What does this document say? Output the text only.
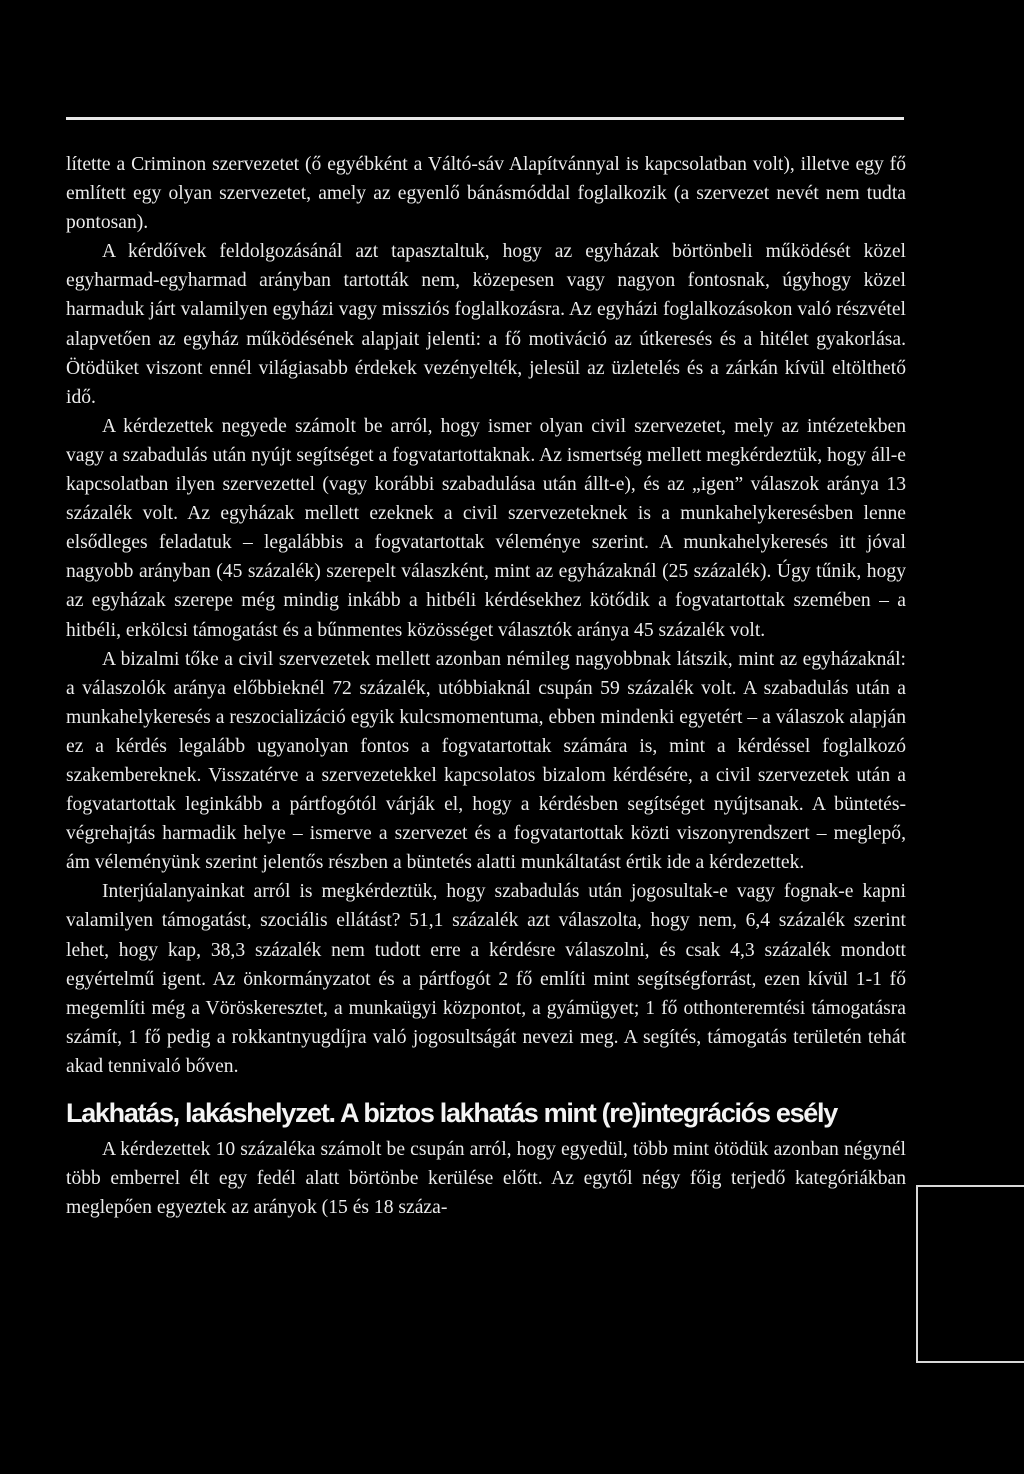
lítette a Criminon szervezetet (ő egyébként a Váltó-sáv Alapítvánnyal is kapcsolatban volt), illetve egy fő említett egy olyan szervezetet, amely az egyenlő bánásmóddal foglalkozik (a szervezet nevét nem tudta pontosan).

A kérdőívek feldolgozásánál azt tapasztaltuk, hogy az egyházak börtönbeli működését közel egyharmad-egyharmad arányban tartották nem, közepesen vagy nagyon fontosnak, úgyhogy közel harmaduk járt valamilyen egyházi vagy missziós foglalkozásra. Az egyházi foglalkozásokon való részvétel alapvetően az egyház működésének alapjait jelenti: a fő motiváció az útkeresés és a hitélet gyakorlása. Ötödüket viszont ennél világiasabb érdekek vezényelték, jelesül az üzletelés és a zárkán kívül eltölthető idő.

A kérdezettek negyede számolt be arról, hogy ismer olyan civil szervezetet, mely az intézetekben vagy a szabadulás után nyújt segítséget a fogvatartottaknak. Az ismertség mellett megkérdeztük, hogy áll-e kapcsolatban ilyen szervezettel (vagy korábbi szabadulása után állt-e), és az „igen” válaszok aránya 13 százalék volt. Az egyházak mellett ezeknek a civil szervezeteknek is a munkahelykeresésben lenne elsődleges feladatuk – legalábbis a fogvatartottak véleménye szerint. A munkahelykeresés itt jóval nagyobb arányban (45 százalék) szerepelt válaszként, mint az egyházaknál (25 százalék). Úgy tűnik, hogy az egyházak szerepe még mindig inkább a hitbéli kérdésekhez kötődik a fogvatartottak szemében – a hitbéli, erkölcsi támogatást és a bűnmentes közösséget választók aránya 45 százalék volt.

A bizalmi tőke a civil szervezetek mellett azonban némileg nagyobbnak látszik, mint az egyházaknál: a válaszolók aránya előbbieknél 72 százalék, utóbbiaknál csupán 59 százalék volt. A szabadulás után a munkahelykeresés a reszocializáció egyik kulcsmomentuma, ebben mindenki egyetért – a válaszok alapján ez a kérdés legalább ugyanolyan fontos a fogvatartottak számára is, mint a kérdéssel foglalkozó szakembereknek. Visszatérve a szervezetekkel kapcsolatos bizalom kérdésére, a civil szervezetek után a fogvatartottak leginkább a pártfogótól várják el, hogy a kérdésben segítséget nyújtsanak. A büntetés-végrehajtás harmadik helye – ismerve a szervezet és a fogvatartottak közti viszonyrendszert – meglepő, ám véleményünk szerint jelentős részben a büntetés alatti munkáltatást értik ide a kérdezettek.

Interjúalanyainkat arról is megkérdeztük, hogy szabadulás után jogosultak-e vagy fognak-e kapni valamilyen támogatást, szociális ellátást? 51,1 százalék azt válaszolta, hogy nem, 6,4 százalék szerint lehet, hogy kap, 38,3 százalék nem tudott erre a kérdésre válaszolni, és csak 4,3 százalék mondott egyértelmű igent. Az önkormányzatot és a pártfogót 2 fő említi mint segítségforrást, ezen kívül 1-1 fő megemlíti még a Vöröskeresztet, a munkaügyi központot, a gyámügyet; 1 fő otthonteremtési támogatásra számít, 1 fő pedig a rokkantnyugdíjra való jogosultságát nevezi meg. A segítés, támogatás területén tehát akad tennivaló bőven.

Lakhatás, lakáshelyzet. A biztos lakhatás mint (re)integrációs esély

A kérdezettek 10 százaléka számolt be csupán arról, hogy egyedül, több mint ötödük azonban négynél több emberrel élt egy fedél alatt börtönbe kerülése előtt. Az egytől négy főig terjedő kategóriákban meglepően egyeztek az arányok (15 és 18 száza-
